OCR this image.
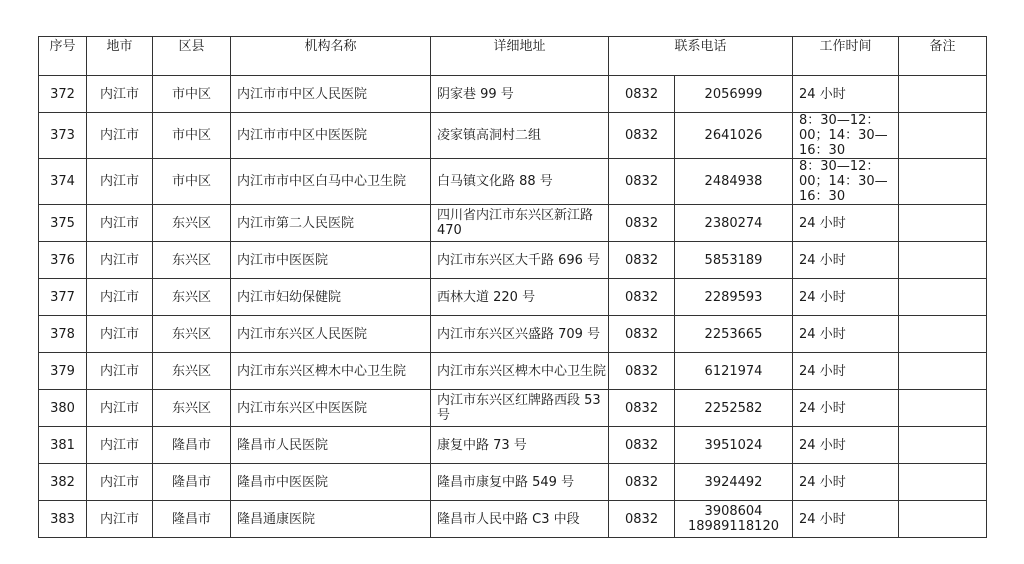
序号	地市	区县	机构名称	详细地址	联系电话		工作时间	备注

372	内江市	市中区	内江市市中区人民医院	阴家巷 99 号	0832	2056999	24 小时	
373	内江市	市中区	内江市市中区中医医院	凌家镇高洞村二组	0832	2641026	8：30—12：00；14：30—16：30	
374	内江市	市中区	内江市市中区白马中心卫生院	白马镇文化路 88 号	0832	2484938	8：30—12：00；14：30—16：30	
375	内江市	东兴区	内江市第二人民医院	四川省内江市东兴区新江路 470	0832	2380274	24 小时	
376	内江市	东兴区	内江市中医医院	内江市东兴区大千路 696 号	0832	5853189	24 小时	
377	内江市	东兴区	内江市妇幼保健院	西林大道 220 号	0832	2289593	24 小时	
378	内江市	东兴区	内江市东兴区人民医院	内江市东兴区兴盛路 709 号	0832	2253665	24 小时	
379	内江市	东兴区	内江市东兴区椑木中心卫生院	内江市东兴区椑木中心卫生院	0832	6121974	24 小时	
380	内江市	东兴区	内江市东兴区中医医院	内江市东兴区红牌路西段 53 号	0832	2252582	24 小时	
381	内江市	隆昌市	隆昌市人民医院	康复中路 73 号	0832	3951024	24 小时	
382	内江市	隆昌市	隆昌市中医医院	隆昌市康复中路 549 号	0832	3924492	24 小时	
383	内江市	隆昌市	隆昌通康医院	隆昌市人民中路 C3 中段	0832	3908604 18989118120	24 小时	
